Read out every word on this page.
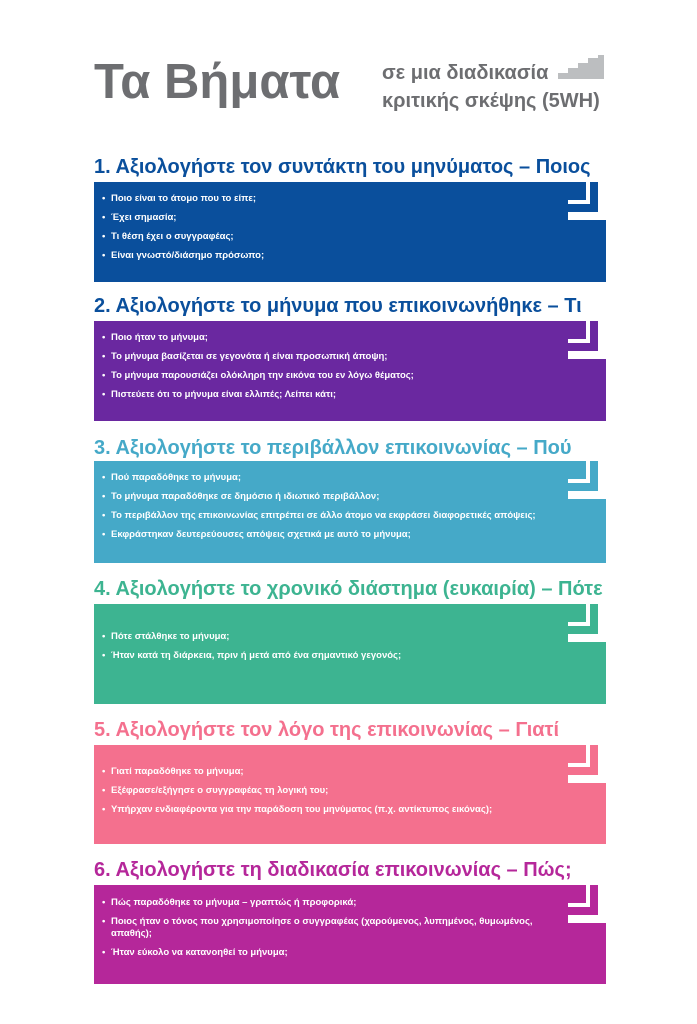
Τα Βήματα σε μια διαδικασία
κριτικής σκέψης (5WH)
1. Αξιολογήστε τον συντάκτη του μηνύματος – Ποιος
• Ποιο είναι το άτομο που το είπε;
• Έχει σημασία;
• Τι θέση έχει ο συγγραφέας;
• Είναι γνωστό/διάσημο πρόσωπο;
2. Αξιολογήστε το μήνυμα που επικοινωνήθηκε – Τι
• Ποιο ήταν το μήνυμα;
• Το μήνυμα βασίζεται σε γεγονότα ή είναι προσωπική άποψη;
• Το μήνυμα παρουσιάζει ολόκληρη την εικόνα του εν λόγω θέματος;
• Πιστεύετε ότι το μήνυμα είναι ελλιπές; Λείπει κάτι;
3. Αξιολογήστε το περιβάλλον επικοινωνίας – Πού
• Πού παραδόθηκε το μήνυμα;
• Το μήνυμα παραδόθηκε σε δημόσιο ή ιδιωτικό περιβάλλον;
• Το περιβάλλον της επικοινωνίας επιτρέπει σε άλλο άτομο να εκφράσει διαφορετικές απόψεις;
• Εκφράστηκαν δευτερεύουσες απόψεις σχετικά με αυτό το μήνυμα;
4. Αξιολογήστε το χρονικό διάστημα (ευκαιρία) – Πότε
• Πότε στάλθηκε το μήνυμα;
• Ήταν κατά τη διάρκεια, πριν ή μετά από ένα σημαντικό γεγονός;
5. Αξιολογήστε τον λόγο της επικοινωνίας – Γιατί
• Γιατί παραδόθηκε το μήνυμα;
• Εξέφρασε/εξήγησε ο συγγραφέας τη λογική του;
• Υπήρχαν ενδιαφέροντα για την παράδοση του μηνύματος (π.χ. αντίκτυπος εικόνας);
6. Αξιολογήστε τη διαδικασία επικοινωνίας – Πώς;
• Πώς παραδόθηκε το μήνυμα – γραπτώς ή προφορικά;
• Ποιος ήταν ο τόνος που χρησιμοποίησε ο συγγραφέας (χαρούμενος, λυπημένος, θυμωμένος, απαθής);
• Ήταν εύκολο να κατανοηθεί το μήνυμα;
